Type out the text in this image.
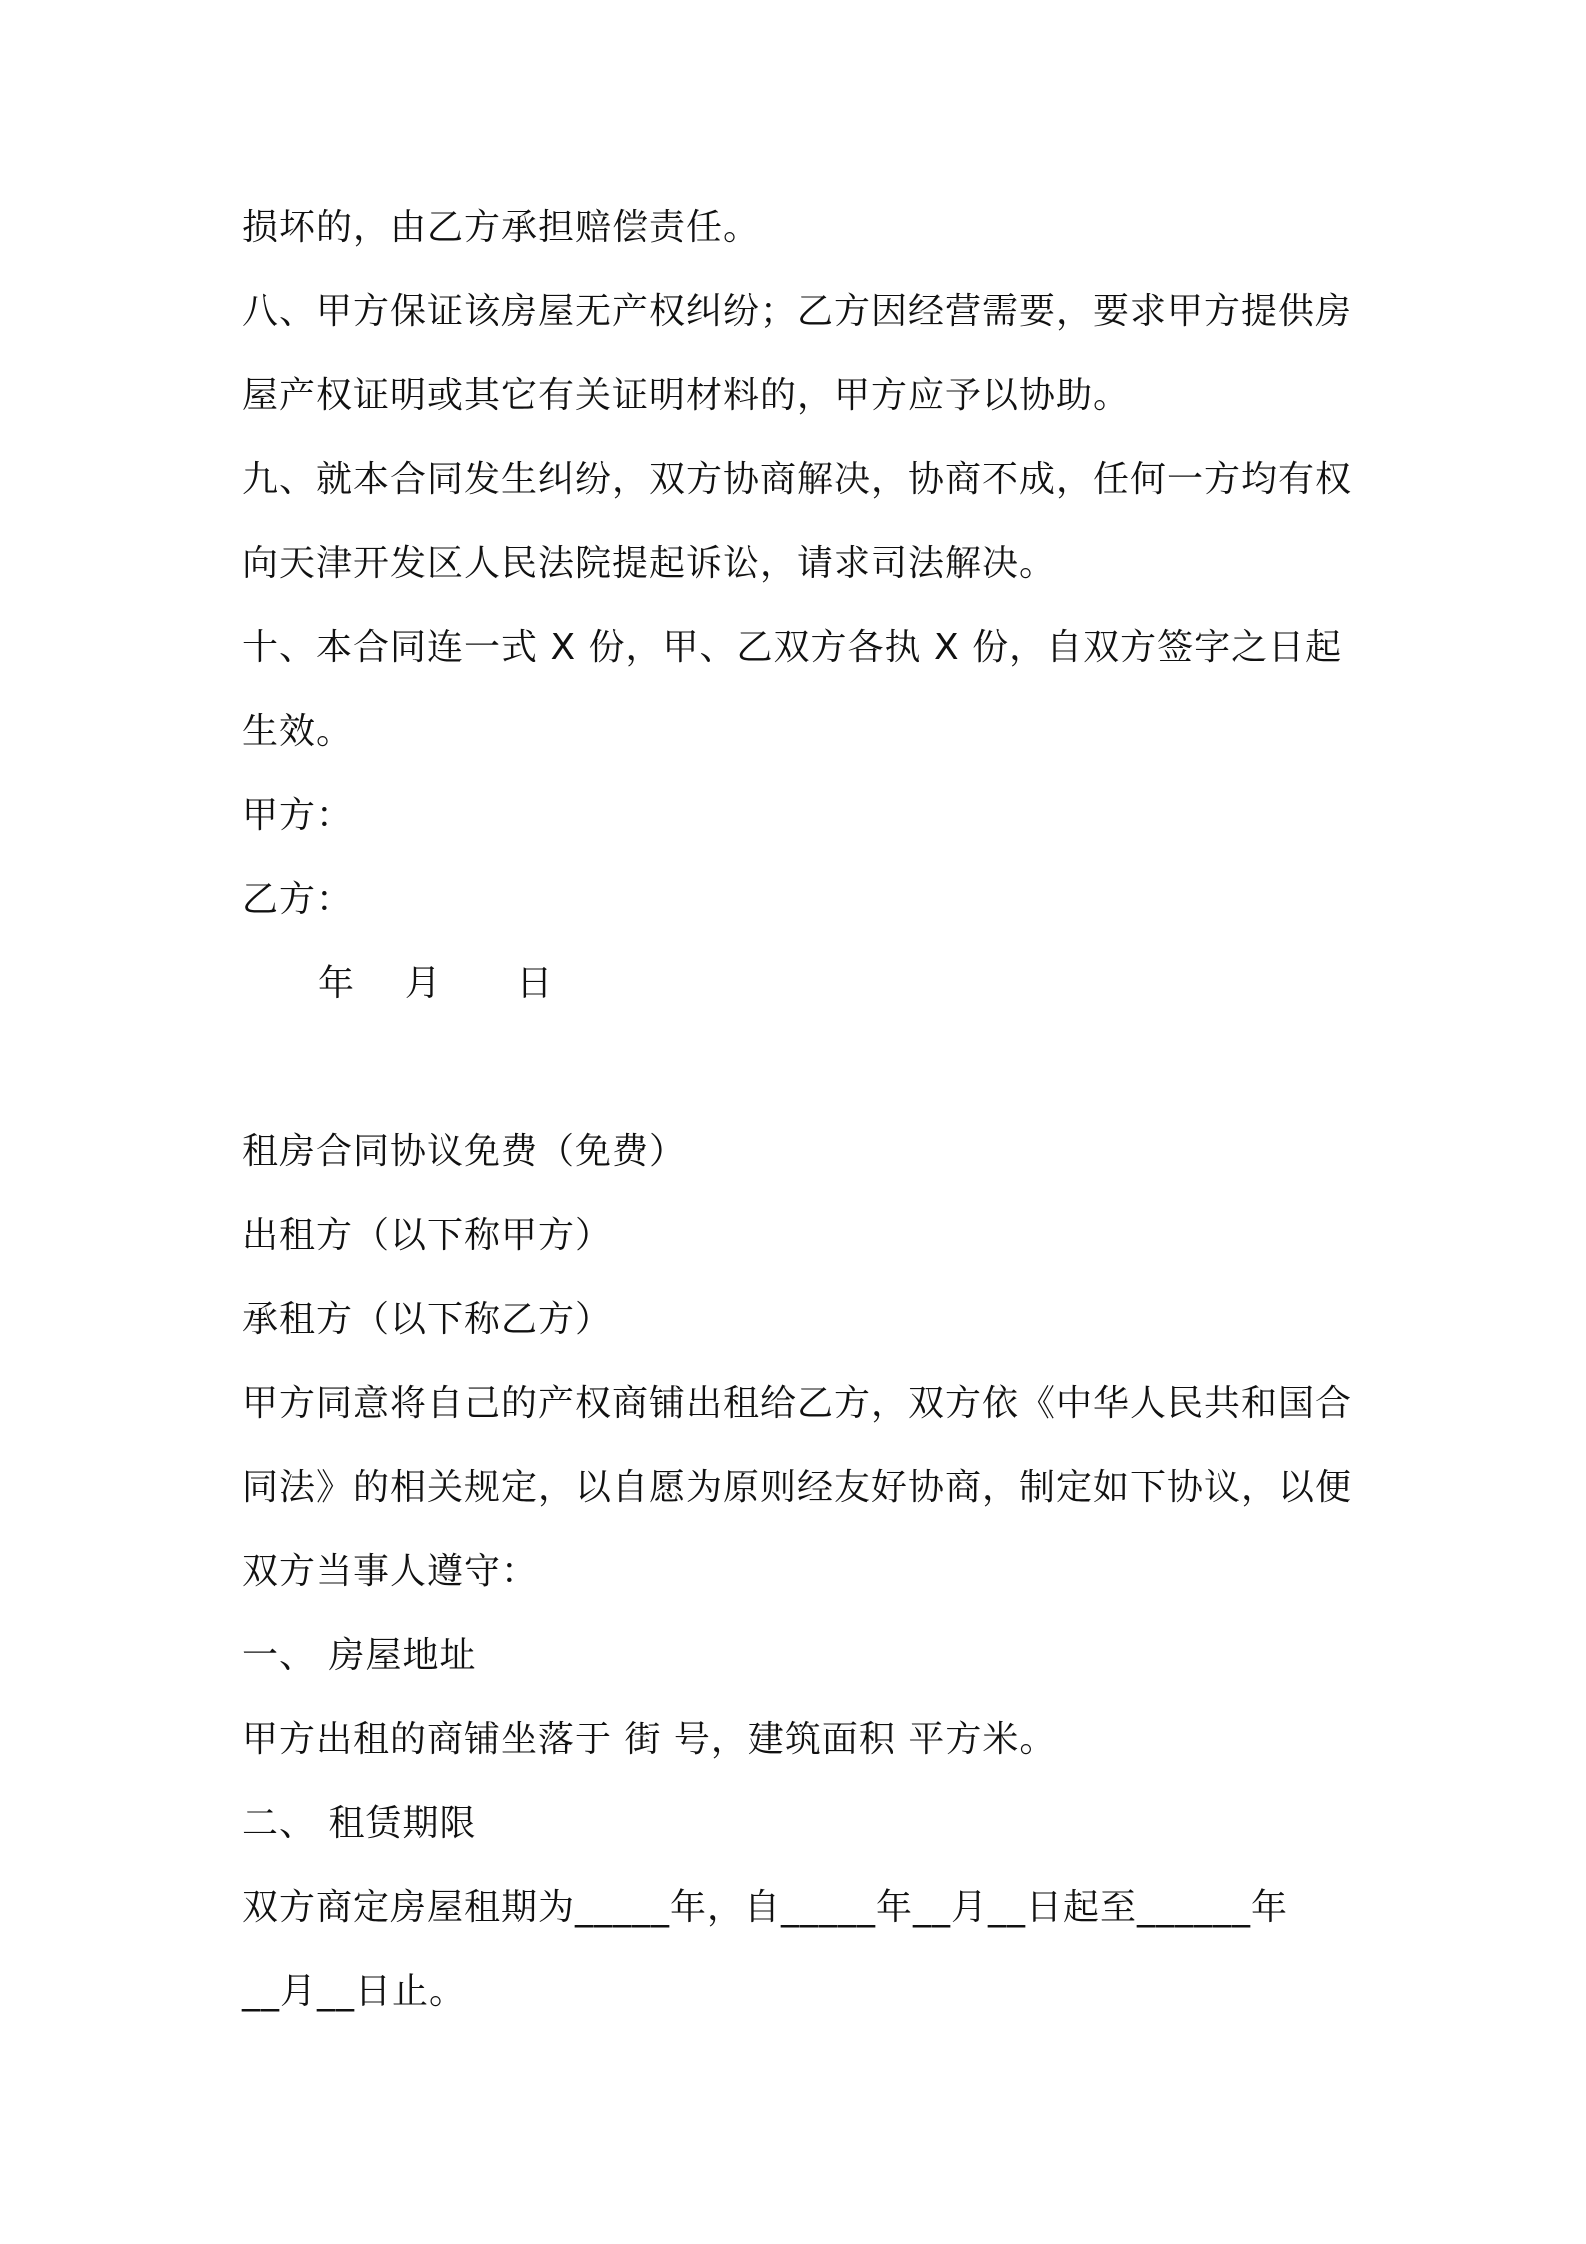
损坏的，由乙方承担赔偿责任。
八、甲方保证该房屋无产权纠纷；乙方因经营需要，要求甲方提供房
屋产权证明或其它有关证明材料的，甲方应予以协助。
九、就本合同发生纠纷，双方协商解决，协商不成，任何一方均有权
向天津开发区人民法院提起诉讼，请求司法解决。
十、本合同连一式 X 份，甲、乙双方各执 X 份，自双方签字之日起
生效。
甲方：
乙方：
年    月      日
租房合同协议免费（免费）
出租方（以下称甲方）
承租方（以下称乙方）
甲方同意将自己的产权商铺出租给乙方，双方依《中华人民共和国合
同法》的相关规定，以自愿为原则经友好协商，制定如下协议，以便
双方当事人遵守：
一、 房屋地址
甲方出租的商铺坐落于 街 号，建筑面积 平方米。
二、 租赁期限
双方商定房屋租期为_____年，自_____年__月__日起至______年
__月__日止。
